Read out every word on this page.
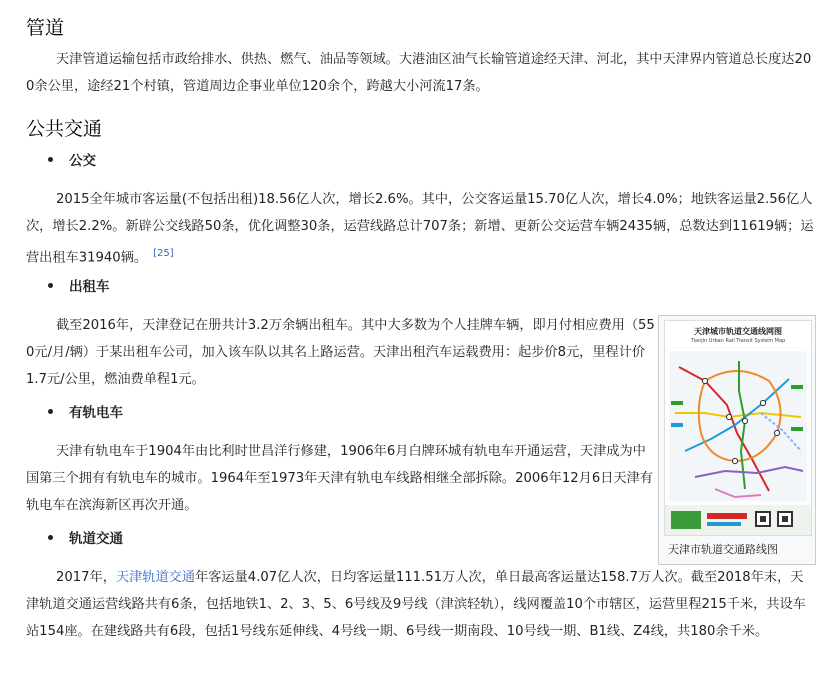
管道
天津管道运输包括市政给排水、供热、燃气、油品等领域。大港油区油气长输管道途经天津、河北，其中天津界内管道总长度达200余公里，途经21个村镇，管道周边企事业单位120余个，跨越大小河流17条。
公共交通
公交
2015全年城市客运量(不包括出租)18.56亿人次，增长2.6%。其中，公交客运量15.70亿人次，增长4.0%；地铁客运量2.56亿人次，增长2.2%。新辟公交线路50条，优化调整30条，运营线路总计707条；新增、更新公交运营车辆2435辆，总数达到11619辆；运营出租车31940辆。 [25]
出租车
截至2016年，天津登记在册共计3.2万余辆出租车。其中大多数为个人挂牌车辆，即月付相应费用（550元/月/辆）于某出租车公司，加入该车队以其名上路运营。天津出租汽车运载费用：起步价8元，里程计价1.7元/公里，燃油费单程1元。
有轨电车
天津有轨电车于1904年由比利时世昌洋行修建，1906年6月白牌环城有轨电车开通运营，天津成为中国第三个拥有有轨电车的城市。1964年至1973年天津有轨电车线路相继全部拆除。2006年12月6日天津有轨电车在滨海新区再次开通。
轨道交通
2017年，天津轨道交通年客运量4.07亿人次，日均客运量111.51万人次，单日最高客运量达158.7万人次。截至2018年末，天津轨道交通运营线路共有6条，包括地铁1、2、3、5、6号线及9号线（津滨轻轨），线网覆盖10个市辖区，运营里程215千米，共设车站154座。在建线路共有6段，包括1号线东延伸线、4号线一期、6号线一期南段、10号线一期、B1线、Z4线，共180余千米。
天津城市轨道交通线网图
Tianjin Urban Rail Transit System Map
天津市轨道交通路线图
